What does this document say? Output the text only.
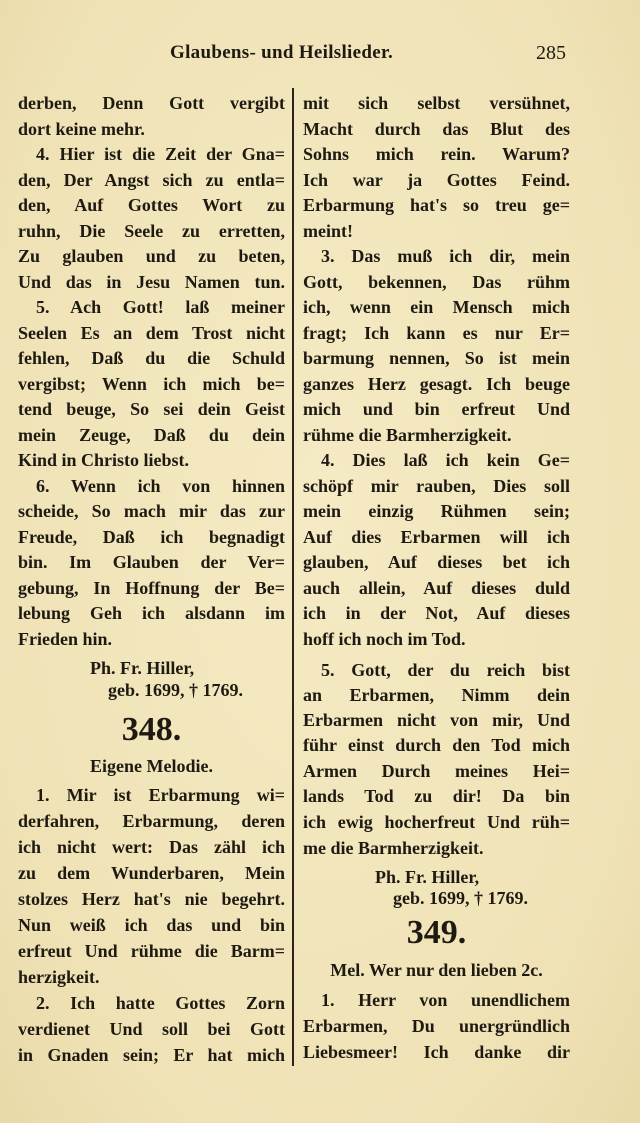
Glaubens- und Heilslieder.	285
derben, Denn Gott vergibt
dort keine mehr.
4. Hier ist die Zeit der Gna=
den, Der Angst sich zu entla=
den, Auf Gottes Wort zu
ruhn, Die Seele zu erretten,
Zu glauben und zu beten,
Und das in Jesu Namen tun.
5. Ach Gott! laß meiner
Seelen Es an dem Trost nicht
fehlen, Daß du die Schuld
vergibst; Wenn ich mich be=
tend beuge, So sei dein Geist
mein Zeuge, Daß du dein
Kind in Christo liebst.
6. Wenn ich von hinnen
scheide, So mach mir das zur
Freude, Daß ich begnadigt
bin. Im Glauben der Ver=
gebung, In Hoffnung der Be=
lebung Geh ich alsdann im
Frieden hin.
Ph. Fr. Hiller,
geb. 1699, † 1769.
348.
Eigene Melodie.
1. Mir ist Erbarmung wi=
derfahren, Erbarmung, deren
ich nicht wert: Das zähl ich
zu dem Wunderbaren, Mein
stolzes Herz hat's nie begehrt.
Nun weiß ich das und bin
erfreut Und rühme die Barm=
herzigkeit.
2. Ich hatte Gottes Zorn
verdienet Und soll bei Gott
in Gnaden sein; Er hat mich
mit sich selbst versühnet,
Macht durch das Blut des
Sohns mich rein. Warum?
Ich war ja Gottes Feind.
Erbarmung hat's so treu ge=
meint!
3. Das muß ich dir, mein
Gott, bekennen, Das rühm
ich, wenn ein Mensch mich
fragt; Ich kann es nur Er=
barmung nennen, So ist mein
ganzes Herz gesagt. Ich beuge
mich und bin erfreut Und
rühme die Barmherzigkeit.
4. Dies laß ich kein Ge=
schöpf mir rauben, Dies soll
mein einzig Rühmen sein;
Auf dies Erbarmen will ich
glauben, Auf dieses bet ich
auch allein, Auf dieses duld
ich in der Not, Auf dieses
hoff ich noch im Tod.
5. Gott, der du reich bist
an Erbarmen, Nimm dein
Erbarmen nicht von mir, Und
führ einst durch den Tod mich
Armen Durch meines Hei=
lands Tod zu dir! Da bin
ich ewig hocherfreut Und rüh=
me die Barmherzigkeit.
Ph. Fr. Hiller,
geb. 1699, † 1769.
349.
Mel. Wer nur den lieben 2c.
1. Herr von unendlichem
Erbarmen, Du unergründlich
Liebesmeer! Ich danke dir
